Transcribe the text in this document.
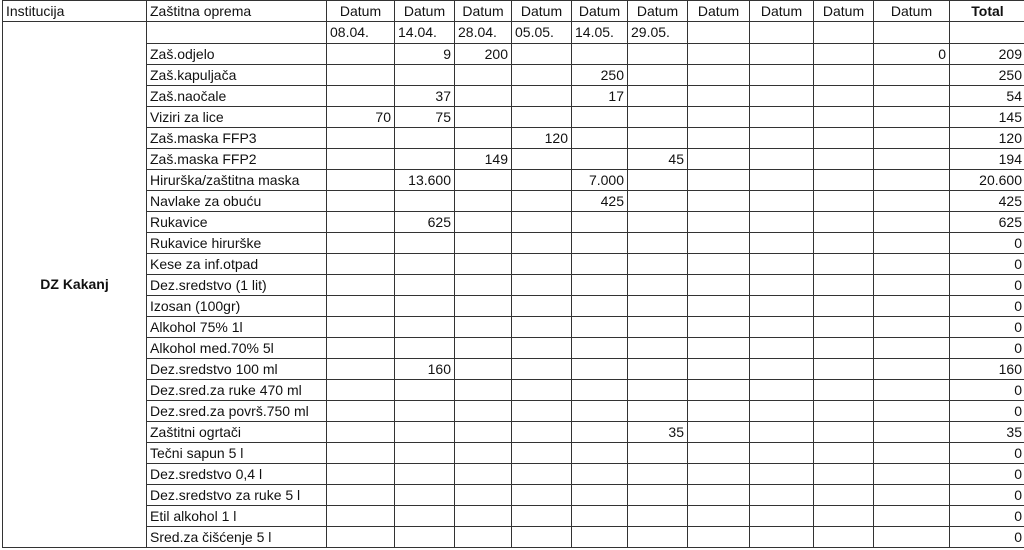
Institucija	Zaštitna oprema	Datum	Datum	Datum	Datum	Datum	Datum	Datum	Datum	Datum	Datum	Total
DZ Kakanj		08.04.	14.04.	28.04.	05.05.	14.05.	29.05.					
	Zaš.odjelo		9	200							0	209
	Zaš.kapuljača					250						250
	Zaš.naočale		37			17						54
	Viziri za lice	70	75									145
	Zaš.maska FFP3				120							120
	Zaš.maska FFP2			149			45					194
	Hirurška/zaštitna maska		13.600			7.000						20.600
	Navlake za obuću					425						425
	Rukavice		625									625
	Rukavice hirurške											0
	Kese za inf.otpad											0
	Dez.sredstvo (1 lit)											0
	Izosan (100gr)											0
	Alkohol 75% 1l											0
	Alkohol med.70% 5l											0
	Dez.sredstvo 100 ml		160									160
	Dez.sred.za ruke 470 ml											0
	Dez.sred.za površ.750 ml											0
	Zaštitni ogrtači						35					35
	Tečni sapun 5 l											0
	Dez.sredstvo 0,4 l											0
	Dez.sredstvo za ruke 5 l											0
	Etil alkohol 1 l											0
	Sred.za čišćenje 5 l											0
